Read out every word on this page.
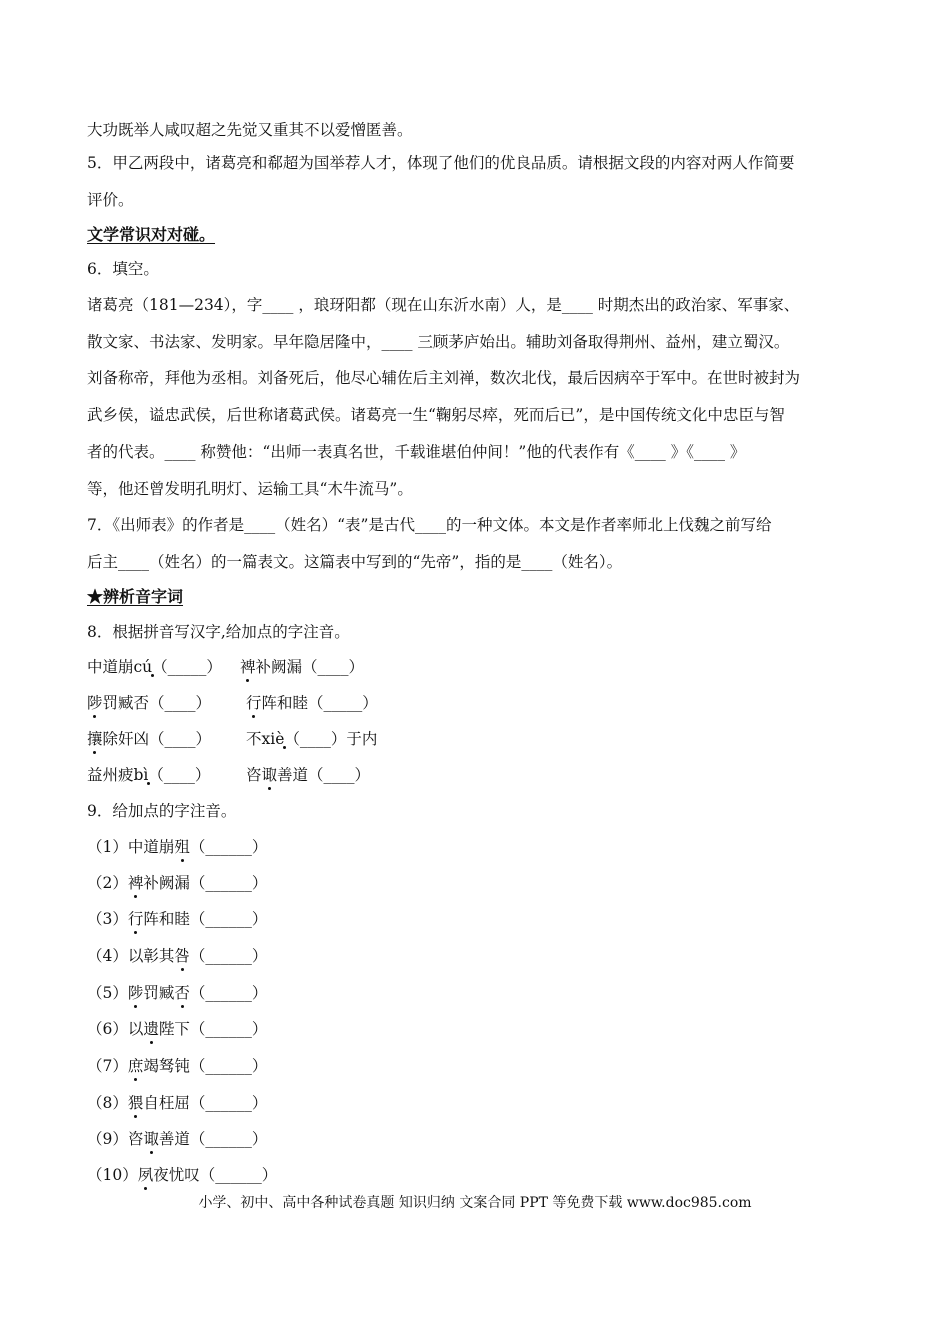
大功既举人咸叹超之先觉又重其不以爱憎匿善。
5．甲乙两段中，诸葛亮和郗超为国举荐人才，体现了他们的优良品质。请根据文段的内容对两人作简要
评价。
文学常识对对碰。
6．填空。
诸葛亮（181—234），字____ ，琅玡阳都（现在山东沂水南）人，是____ 时期杰出的政治家、军事家、
散文家、书法家、发明家。早年隐居隆中，____ 三顾茅庐始出。辅助刘备取得荆州、益州，建立蜀汉。
刘备称帝，拜他为丞相。刘备死后，他尽心辅佐后主刘禅，数次北伐，最后因病卒于军中。在世时被封为
武乡侯，谥忠武侯，后世称诸葛武侯。诸葛亮一生“鞠躬尽瘁，死而后已”，是中国传统文化中忠臣与智
者的代表。____ 称赞他：“出师一表真名世，千载谁堪伯仲间！”他的代表作有《____ 》《____ 》
等，他还曾发明孔明灯、运输工具“木牛流马”。
7．《出师表》的作者是____（姓名）“表”是古代____的一种文体。本文是作者率师北上伐魏之前写给
后主____（姓名）的一篇表文。这篇表中写到的“先帝”，指的是____（姓名）。
★辨析音字词
8．根据拼音写汉字,给加点的字注音。
中道崩cú（_____） 裨补阙漏（____）
陟罚臧否（____） 行阵和睦（_____）
攘除奸凶（____） 不xiè（____）于内
益州疲bì（____） 咨诹善道（____）
9．给加点的字注音。
（1）中道崩殂（______）
（2）裨补阙漏（______）
（3）行阵和睦（______）
（4）以彰其咎（______）
（5）陟罚臧否（______）
（6）以遗陛下（______）
（7）庶竭驽钝（______）
（8）猥自枉屈（______）
（9）咨诹善道（______）
（10）夙夜忧叹（______）
小学、初中、高中各种试卷真题 知识归纳 文案合同 PPT 等免费下载 www.doc985.com
